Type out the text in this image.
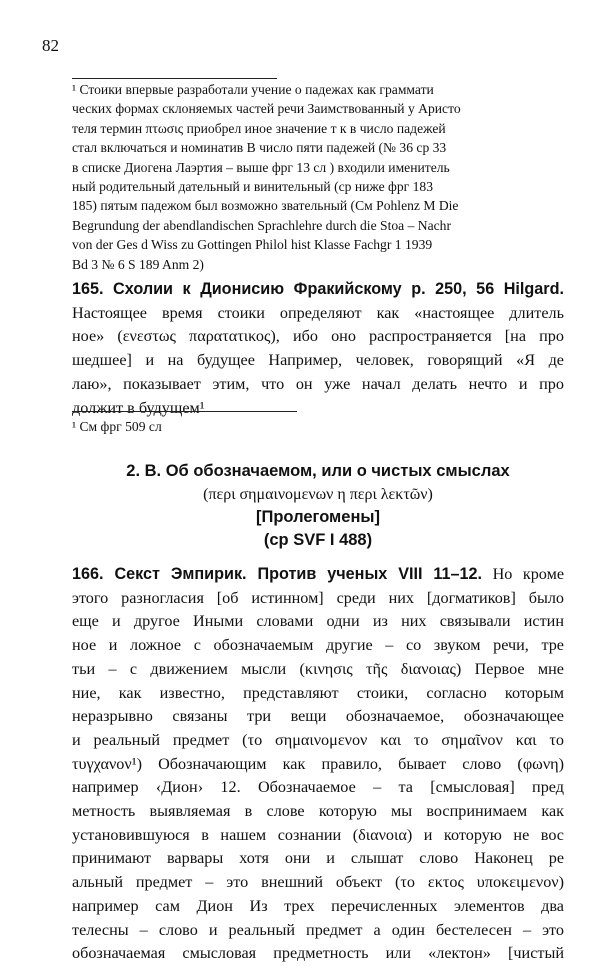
82
¹ Стоики впервые разработали учение о падежах как граммати
ческих формах склоняемых частей речи Заимствованный у Аристо
теля термин πτωσις приобрел иное значение т к в число падежей
стал включаться и номинатив В число пяти падежей (№ 36 ср 33
в списке Диогена Лаэртия – выше фрг 13 сл ) входили именитель
ный родительный дательный и винительный (ср ниже фрг 183
185) пятым падежом был возможно звательный (См Pohlenz M Die
Begrundung der abendlandischen Sprachlehre durch die Stoa – Nachr
von der Ges d Wiss zu Gottingen Philol hist Klasse Fachgr 1 1939
Bd 3 № 6 S 189 Anm 2)
165. Схолии к Дионисию Фракийскому р. 250, 56 Hilgard.
Настоящее время стоики определяют как «настоящее длитель
ное» (ενεστως παρατατικος), ибо оно распространяется [на про
шедшее] и на будущее Например, человек, говорящий «Я де
лаю», показывает этим, что он уже начал делать нечто и про
должит в будущем¹
¹ См фрг 509 сл
2. В. Об обозначаемом, или о чистых смыслах
(περι σημαινομενων η περι λεκτῶν)
[Пролегомены]
(ср SVF I 488)
166. Секст Эмпирик. Против ученых VIII 11–12. Но кроме
этого разногласия [об истинном] среди них [догматиков] было
еще и другое Иными словами одни из них связывали истин
ное и ложное с обозначаемым другие – со звуком речи, тре
тьи – с движением мысли (κινησις τῆς διανοιας) Первое мне
ние, как известно, представляют стоики, согласно которым
неразрывно связаны три вещи обозначаемое, обозначающее
и реальный предмет (το σημαινομενον και το σημαῖνον και το
τυγχανον¹) Обозначающим как правило, бывает слово (φωνη)
например ‹Дион› 12. Обозначаемое – та [смысловая] пред
метность выявляемая в слове которую мы воспринимаем как
установившуюся в нашем сознании (διανοια) и которую не вос
принимают варвары хотя они и слышат слово Наконец ре
альный предмет – это внешний объект (το εκτος υποκειμενον)
например сам Дион Из трех перечисленных элементов два
телесны – слово и реальный предмет а один бестелесен – это
обозначаемая смысловая предметность или «лектон» [чистый
